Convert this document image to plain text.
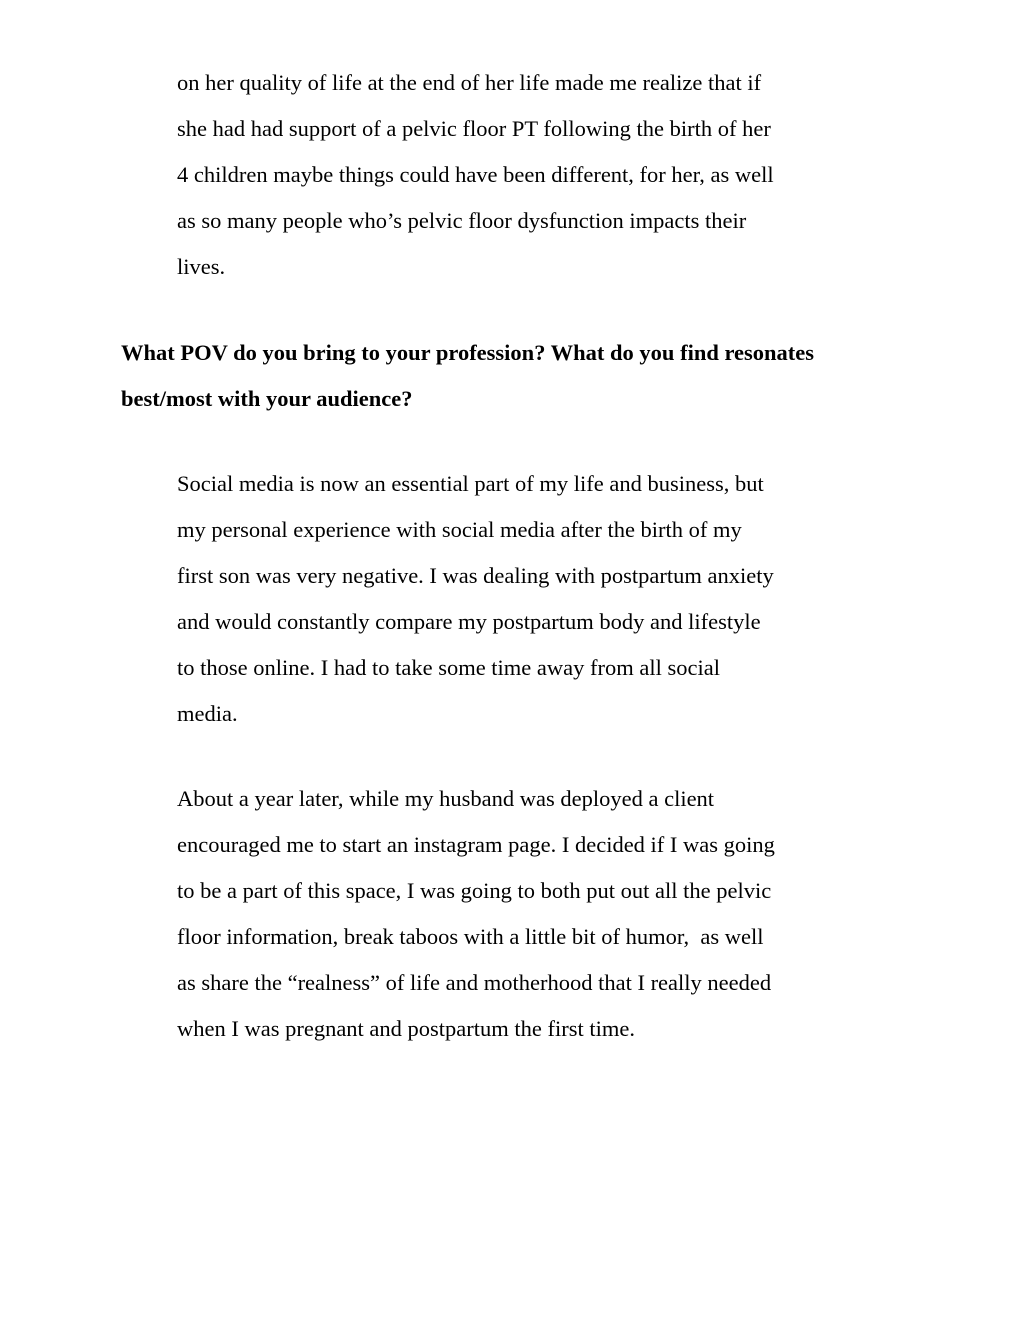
on her quality of life at the end of her life made me realize that if
she had had support of a pelvic floor PT following the birth of her
4 children maybe things could have been different, for her, as well
as so many people who’s pelvic floor dysfunction impacts their
lives.

What POV do you bring to your profession? What do you find resonates
best/most with your audience?

Social media is now an essential part of my life and business, but
my personal experience with social media after the birth of my
first son was very negative. I was dealing with postpartum anxiety
and would constantly compare my postpartum body and lifestyle
to those online. I had to take some time away from all social
media.

About a year later, while my husband was deployed a client
encouraged me to start an instagram page. I decided if I was going
to be a part of this space, I was going to both put out all the pelvic
floor information, break taboos with a little bit of humor,  as well
as share the “realness” of life and motherhood that I really needed
when I was pregnant and postpartum the first time.
